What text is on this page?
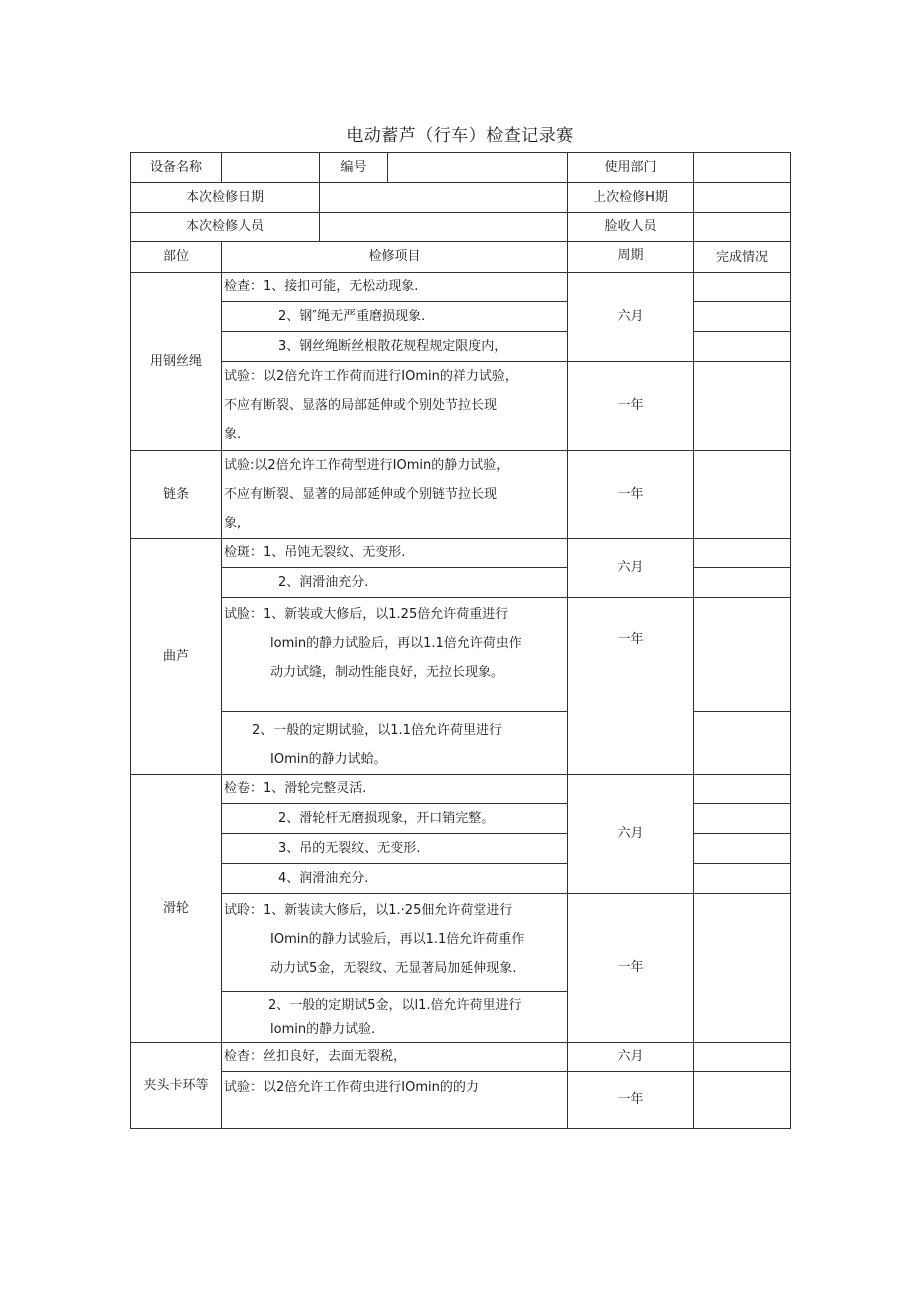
电动蓄芦（行车）检查记录赛
设备名称		编号		使用部门	
本次检修日期				上次检修H期	
本次检修人员				脸收人员	
部位	检修项目			周期	完成情况
用钢丝绳	检查：1、接扣可能，无松动现象.			六月	
	2、钢″绳无严重磨损现象.				
	3、钢丝绳断丝根散花规程规定限度内，				

	试验：以2倍允许工作荷而进行IOmin的祥力试验，
不应有断裂、显落的局部延伸或个别处节拉长现
象.			一年	
链条	试验:以2倍允许工作荷型进行IOmin的静力试验，
不应有断裂、显著的局部延伸或个别链节拉长现
象,			一年	
曲芦	检斑：1、吊饨无裂纹、无变形.			六月	
	2、润滑油充分.				

	试脸：1、新装或大修后，以1.25倍允许荷重进行
lomin的静力试脸后，再以1.1倍允许荷虫作
动力试缝，制动性能良好，无拉长现象。			一年	

	2、一般的定期试验，以1.1倍允许荷里进行
IOmin的静力试蛤。				

滑轮	检卷：1、滑轮完整灵活.			六月	
	2、滑轮杆无磨损现象，开口销完整。				
	3、吊的无裂纹、无变形.				
	4、润滑油充分.				

	试聆：1、新装读大修后，以1.·25佃允许荷堂进行
IOmin的静力试验后，再以1.1倍允许荷重作
动力试5金，无裂纹、无显著局加延伸现象.			一年	

	2、一般的定期试5金，以l1.倍允许荷里进行
lomin的静力试验.				

夹头卡环等	检杳：丝扣良好，去面无裂税，			六月	
	试验：以2倍允许工作荷虫进行IOmin的的力			一年	
